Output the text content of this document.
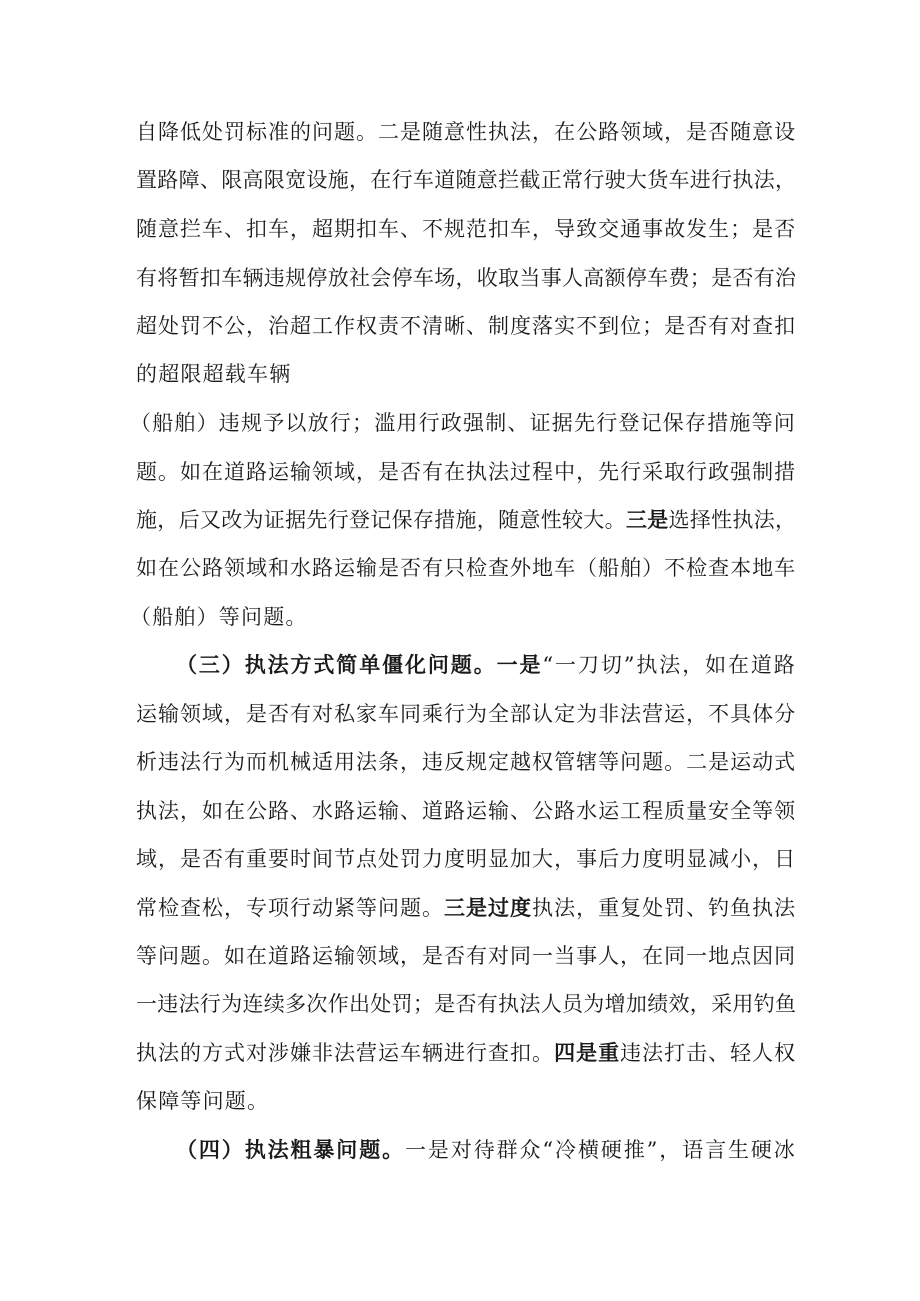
自降低处罚标准的问题。二是随意性执法，在公路领域，是否随意设
置路障、限高限宽设施，在行车道随意拦截正常行驶大货车进行执法，
随意拦车、扣车，超期扣车、不规范扣车，导致交通事故发生；是否
有将暂扣车辆违规停放社会停车场，收取当事人高额停车费；是否有治
超处罚不公，治超工作权责不清晰、制度落实不到位；是否有对查扣
的超限超载车辆
（船舶）违规予以放行；滥用行政强制、证据先行登记保存措施等问
题。如在道路运输领域，是否有在执法过程中，先行采取行政强制措
施，后又改为证据先行登记保存措施，随意性较大。三是选择性执法，
如在公路领域和水路运输是否有只检查外地车（船舶）不检查本地车
（船舶）等问题。
（三）执法方式简单僵化问题。一是“一刀切”执法，如在道路
运输领域，是否有对私家车同乘行为全部认定为非法营运，不具体分
析违法行为而机械适用法条，违反规定越权管辖等问题。二是运动式
执法，如在公路、水路运输、道路运输、公路水运工程质量安全等领
域，是否有重要时间节点处罚力度明显加大，事后力度明显减小，日
常检查松，专项行动紧等问题。三是过度执法，重复处罚、钓鱼执法
等问题。如在道路运输领域，是否有对同一当事人，在同一地点因同
一违法行为连续多次作出处罚；是否有执法人员为增加绩效，采用钓鱼
执法的方式对涉嫌非法营运车辆进行查扣。四是重违法打击、轻人权
保障等问题。
（四）执法粗暴问题。一是对待群众“冷横硬推”，语言生硬冰
